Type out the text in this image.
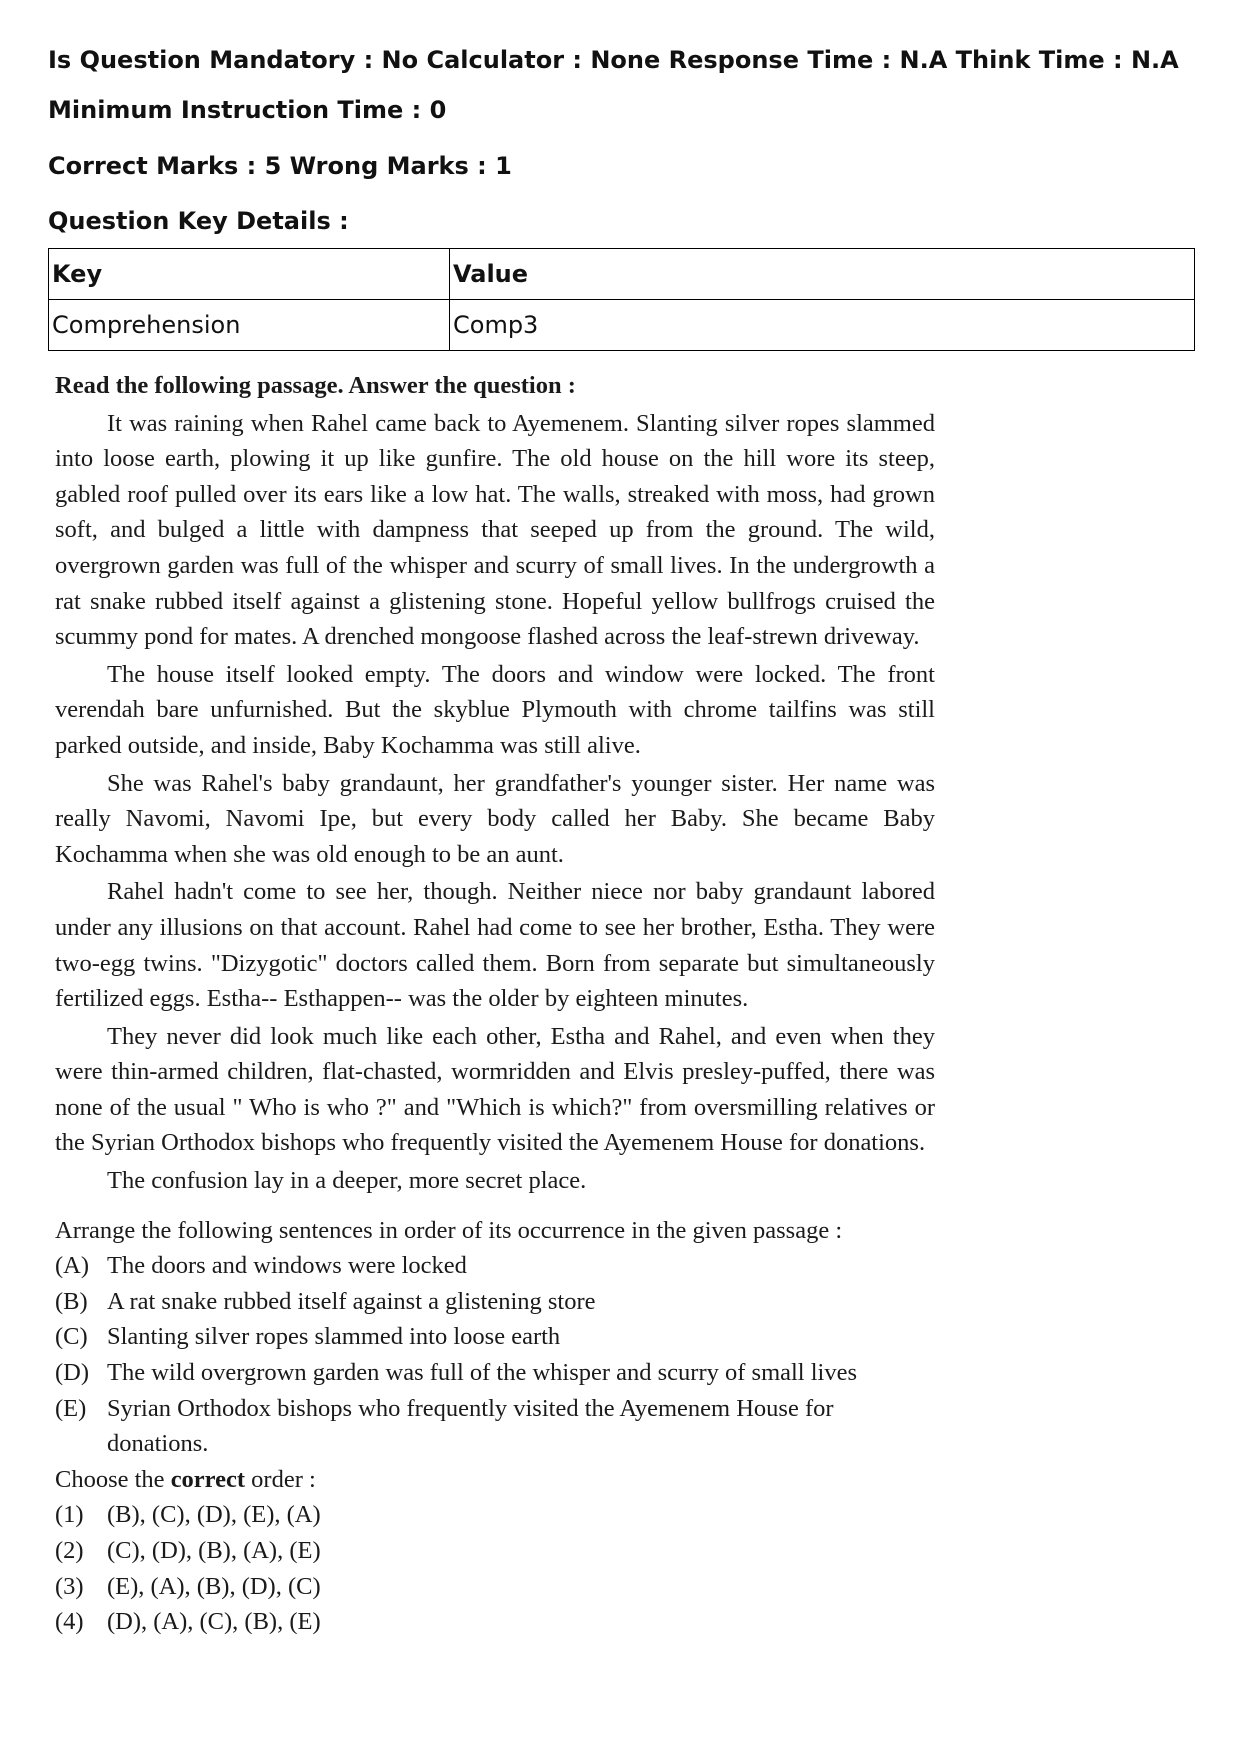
Is Question Mandatory : No Calculator : None Response Time : N.A Think Time : N.A
Minimum Instruction Time : 0
Correct Marks : 5 Wrong Marks : 1
Question Key Details :
Key	Value
Comprehension	Comp3
Read the following passage. Answer the question :

It was raining when Rahel came back to Ayemenem. Slanting silver ropes slammed into loose earth, plowing it up like gunfire. The old house on the hill wore its steep, gabled roof pulled over its ears like a low hat. The walls, streaked with moss, had grown soft, and bulged a little with dampness that seeped up from the ground. The wild, overgrown garden was full of the whisper and scurry of small lives. In the undergrowth a rat snake rubbed itself against a glistening stone. Hopeful yellow bullfrogs cruised the scummy pond for mates. A drenched mongoose flashed across the leaf-strewn driveway.

The house itself looked empty. The doors and window were locked. The front verendah bare unfurnished. But the skyblue Plymouth with chrome tailfins was still parked outside, and inside, Baby Kochamma was still alive.

She was Rahel's baby grandaunt, her grandfather's younger sister. Her name was really Navomi, Navomi Ipe, but every body called her Baby. She became Baby Kochamma when she was old enough to be an aunt.

Rahel hadn't come to see her, though. Neither niece nor baby grandaunt labored under any illusions on that account. Rahel had come to see her brother, Estha. They were two-egg twins. "Dizygotic" doctors called them. Born from separate but simultaneously fertilized eggs. Estha-- Esthappen-- was the older by eighteen minutes.

They never did look much like each other, Estha and Rahel, and even when they were thin-armed children, flat-chasted, wormridden and Elvis presley-puffed, there was none of the usual " Who is who ?" and "Which is which?" from oversmilling relatives or the Syrian Orthodox bishops who frequently visited the Ayemenem House for donations.

The confusion lay in a deeper, more secret place.

Arrange the following sentences in order of its occurrence in the given passage :

(A) The doors and windows were locked
(B) A rat snake rubbed itself against a glistening store
(C) Slanting silver ropes slammed into loose earth
(D) The wild overgrown garden was full of the whisper and scurry of small lives
(E) Syrian Orthodox bishops who frequently visited the Ayemenem House for donations.

Choose the correct order :

(1) (B), (C), (D), (E), (A)
(2) (C), (D), (B), (A), (E)
(3) (E), (A), (B), (D), (C)
(4) (D), (A), (C), (B), (E)
